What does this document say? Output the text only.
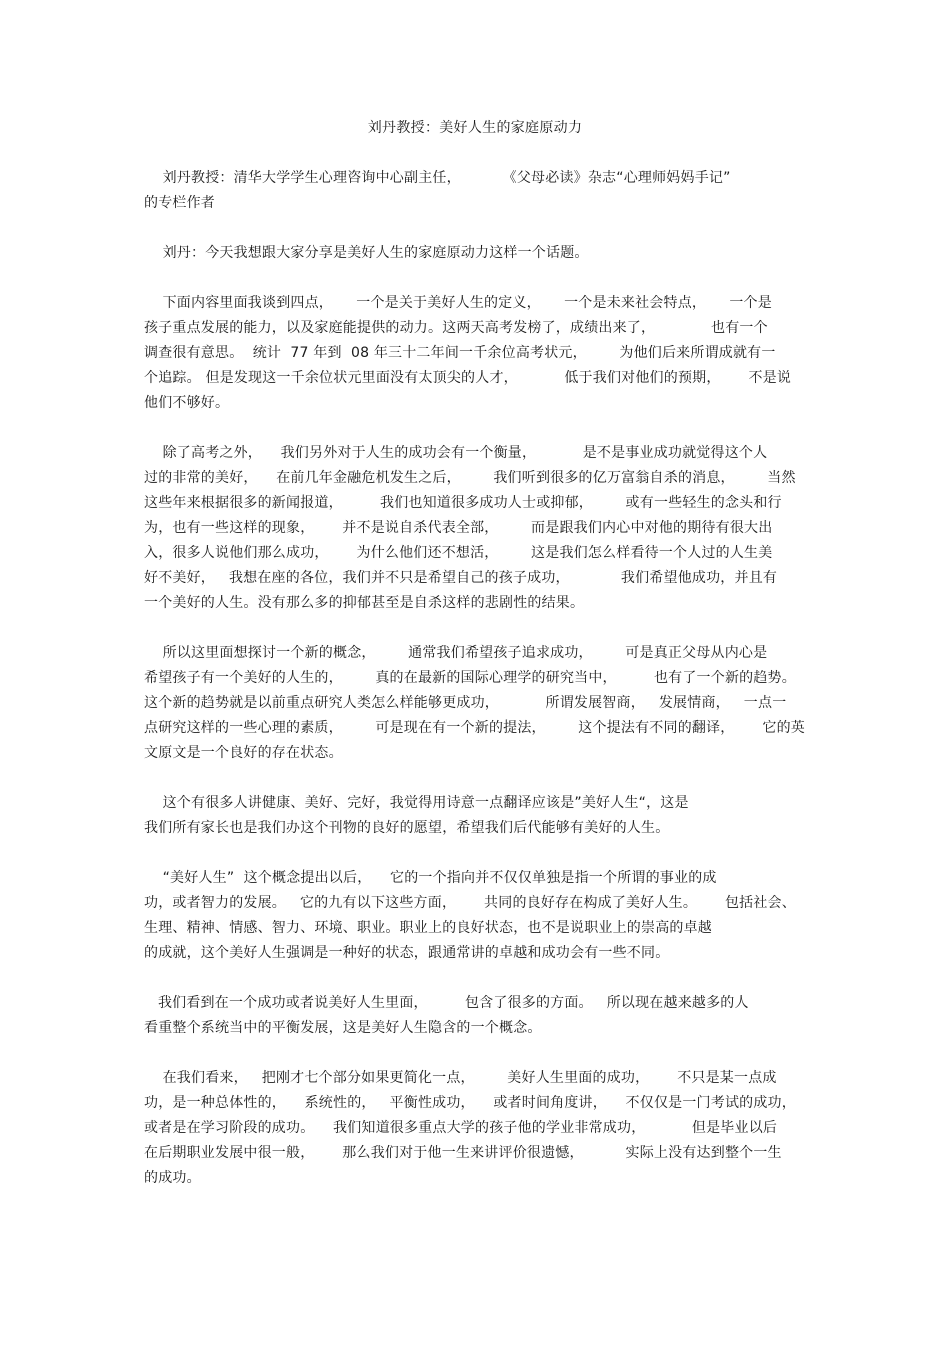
刘丹教授：美好人生的家庭原动力
刘丹教授：清华大学学生心理咨询中心副主任，         《父母必读》杂志“心理师妈妈手记”
的专栏作者
刘丹：今天我想跟大家分享是美好人生的家庭原动力这样一个话题。
下面内容里面我谈到四点，     一个是关于美好人生的定义，     一个是未来社会特点，     一个是
孩子重点发展的能力，以及家庭能提供的动力。这两天高考发榜了，成绩出来了，            也有一个
调查很有意思。  统计  77 年到  08 年三十二年间一千余位高考状元，       为他们后来所谓成就有一
个追踪。 但是发现这一千余位状元里面没有太顶尖的人才，          低于我们对他们的预期，      不是说
他们不够好。
除了高考之外，    我们另外对于人生的成功会有一个衡量，          是不是事业成功就觉得这个人
过的非常的美好，    在前几年金融危机发生之后，       我们听到很多的亿万富翁自杀的消息，       当然
这些年来根据很多的新闻报道，        我们也知道很多成功人士或抑郁，       或有一些轻生的念头和行
为，也有一些这样的现象，      并不是说自杀代表全部，       而是跟我们内心中对他的期待有很大出
入，很多人说他们那么成功，      为什么他们还不想活，       这是我们怎么样看待一个人过的人生美
好不美好，   我想在座的各位，我们并不只是希望自己的孩子成功，           我们希望他成功，并且有
一个美好的人生。没有那么多的抑郁甚至是自杀这样的悲剧性的结果。
所以这里面想探讨一个新的概念，       通常我们希望孩子追求成功，       可是真正父母从内心是
希望孩子有一个美好的人生的，       真的在最新的国际心理学的研究当中，        也有了一个新的趋势。
这个新的趋势就是以前重点研究人类怎么样能够更成功，          所谓发展智商，   发展情商，   一点一
点研究这样的一些心理的素质，       可是现在有一个新的提法，       这个提法有不同的翻译，      它的英
文原文是一个良好的存在状态。
这个有很多人讲健康、美好、完好，我觉得用诗意一点翻译应该是”美好人生“，这是
我们所有家长也是我们办这个刊物的良好的愿望，希望我们后代能够有美好的人生。
“美好人生”  这个概念提出以后，    它的一个指向并不仅仅单独是指一个所谓的事业的成
功，或者智力的发展。   它的九有以下这些方面，      共同的良好存在构成了美好人生。      包括社会、
生理、精神、情感、智力、环境、职业。职业上的良好状态，也不是说职业上的崇高的卓越
的成就，这个美好人生强调是一种好的状态，跟通常讲的卓越和成功会有一些不同。
我们看到在一个成功或者说美好人生里面，        包含了很多的方面。   所以现在越来越多的人
看重整个系统当中的平衡发展，这是美好人生隐含的一个概念。
在我们看来，   把刚才七个部分如果更简化一点，       美好人生里面的成功，      不只是某一点成
功，是一种总体性的，    系统性的，   平衡性成功，    或者时间角度讲，    不仅仅是一门考试的成功，
或者是在学习阶段的成功。    我们知道很多重点大学的孩子他的学业非常成功，          但是毕业以后
在后期职业发展中很一般，      那么我们对于他一生来讲评价很遗憾，         实际上没有达到整个一生
的成功。
